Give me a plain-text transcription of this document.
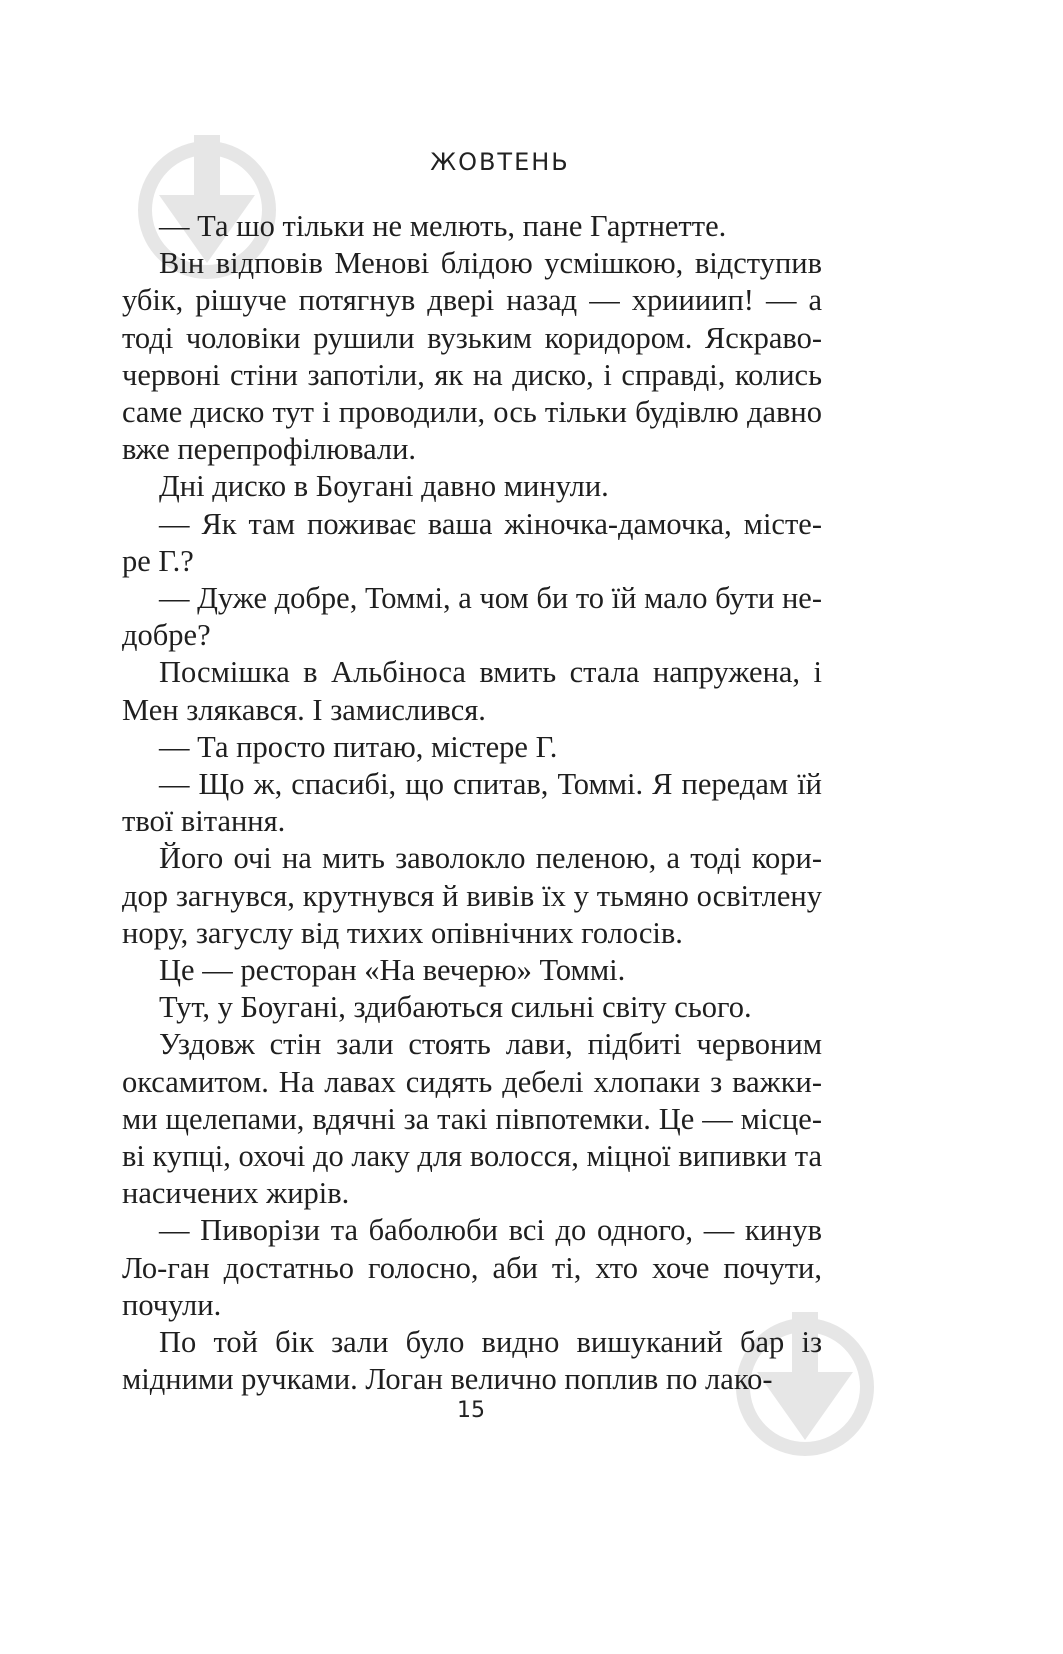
ЖОВТЕНЬ

— Та шо тільки не мелють, пане Гартнетте.

Він відповів Менові блідою усмішкою, відступив убік, рішуче потягнув двері назад — хриииип! — а тоді чоловіки рушили вузьким коридором. Яскраво-червоні стіни запотіли, як на диско, і справді, колись саме диско тут і проводили, ось тільки будівлю давно вже перепрофілювали.

Дні диско в Боугані давно минули.

— Як там поживає ваша жіночка-дамочка, місте-ре Г.?

— Дуже добре, Томмі, а чом би то їй мало бути не-добре?

Посмішка в Альбіноса вмить стала напружена, і Мен злякався. І замислився.

— Та просто питаю, містере Г.

— Що ж, спасибі, що спитав, Томмі. Я передам їй твої вітання.

Його очі на мить заволокло пеленою, а тоді кори-дор загнувся, крутнувся й вивів їх у тьмяно освітлену нору, загуслу від тихих опівнічних голосів.

Це — ресторан «На вечерю» Томмі.

Тут, у Боугані, здибаються сильні світу сього.

Уздовж стін зали стоять лави, підбиті червоним оксамитом. На лавах сидять дебелі хлопаки з важки-ми щелепами, вдячні за такі півпотемки. Це — місце-ві купці, охочі до лаку для волосся, міцної випивки та насичених жирів.

— Пиворізи та баболюби всі до одного, — кинув Ло-ган достатньо голосно, аби ті, хто хоче почути, почули.

По той бік зали було видно вишуканий бар із мідними ручками. Логан велично поплив по лако-

15
